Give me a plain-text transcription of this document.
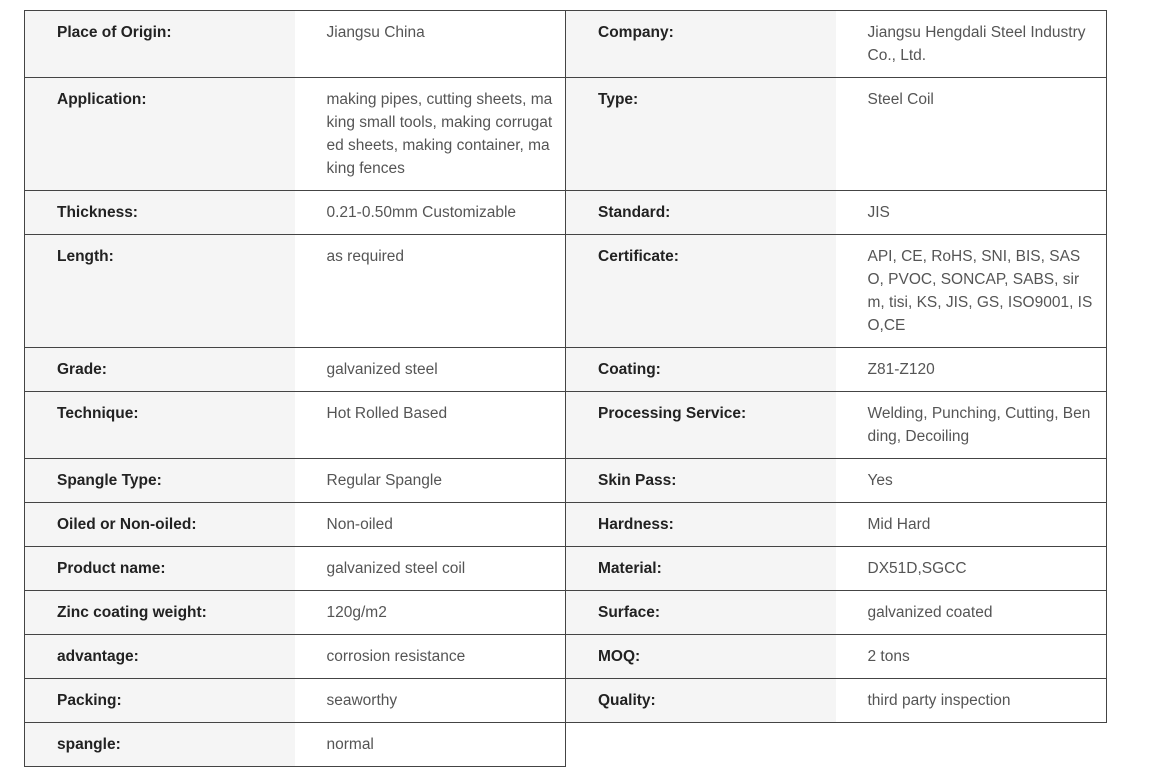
Place of Origin:	Jiangsu China	Company:	Jiangsu Hengdali Steel Industry Co., Ltd.
Application:	making pipes, cutting sheets, making small tools, making corrugated sheets, making container, making fences	Type:	Steel Coil
Thickness:	0.21-0.50mm Customizable	Standard:	JIS
Length:	as required	Certificate:	API, CE, RoHS, SNI, BIS, SASO, PVOC, SONCAP, SABS, sirm, tisi, KS, JIS, GS, ISO9001, ISO,CE
Grade:	galvanized steel	Coating:	Z81-Z120
Technique:	Hot Rolled Based	Processing Service:	Welding, Punching, Cutting, Bending, Decoiling
Spangle Type:	Regular Spangle	Skin Pass:	Yes
Oiled or Non-oiled:	Non-oiled	Hardness:	Mid Hard
Product name:	galvanized steel coil	Material:	DX51D,SGCC
Zinc coating weight:	120g/m2	Surface:	galvanized coated
advantage:	corrosion resistance	MOQ:	2 tons
Packing:	seaworthy	Quality:	third party inspection
spangle:	normal		
